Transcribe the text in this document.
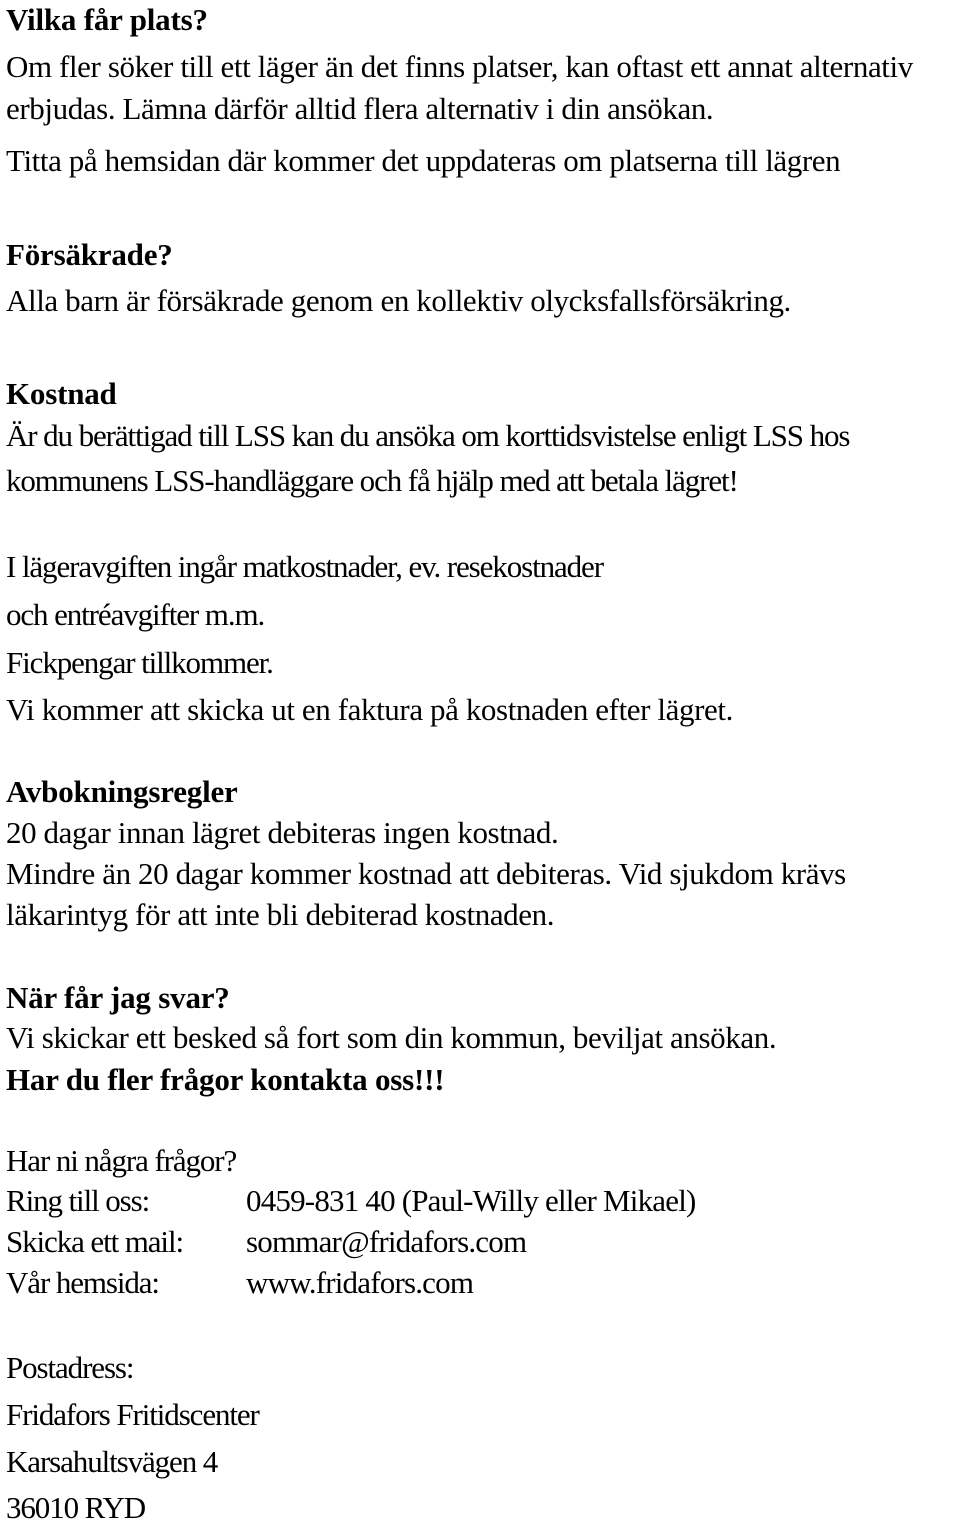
Vilka får plats?
Om fler söker till ett läger än det finns platser, kan oftast ett annat alternativ
erbjudas. Lämna därför alltid flera alternativ i din ansökan.
Titta på hemsidan där kommer det uppdateras om platserna till lägren
Försäkrade?
Alla barn är försäkrade genom en kollektiv olycksfallsförsäkring.
Kostnad
Är du berättigad till LSS kan du ansöka om korttidsvistelse enligt LSS hos
kommunens LSS-handläggare och få hjälp med att betala lägret!
I lägeravgiften ingår matkostnader, ev. resekostnader
och entréavgifter m.m.
Fickpengar tillkommer.
Vi kommer att skicka ut en faktura på kostnaden efter lägret.
Avbokningsregler
20 dagar innan lägret debiteras ingen kostnad.
Mindre än 20 dagar kommer kostnad att debiteras. Vid sjukdom krävs
läkarintyg för att inte bli debiterad kostnaden.
När får jag svar?
Vi skickar ett besked så fort som din kommun, beviljat ansökan.
Har du fler frågor kontakta oss!!!
Har ni några frågor?
Ring till oss:	0459-831 40 (Paul-Willy eller Mikael)
Skicka ett mail: sommar@fridafors.com
Vår hemsida:	www.fridafors.com
Postadress:
Fridafors Fritidscenter
Karsahultsvägen 4
36010 RYD
